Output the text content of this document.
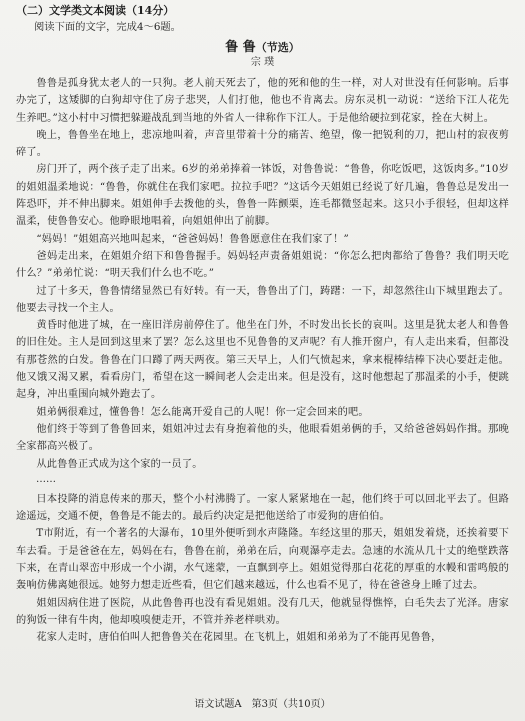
（二）文学类文本阅读（14分）

阅读下面的文字，完成4～6题。

鲁 鲁（节选）

宗 璞

鲁鲁是孤身犹太老人的一只狗。老人前天死去了，他的死和他的生一样，对人对世没有任何影响。后事办完了，这矮脚的白狗却守住了房子悲哭，人们打他，他也不肯离去。房东灵机一动说：“送给下江人花先生养吧。”这小村中习惯把躲避战乱到当地的外省人一律称作下江人。于是他给硬拉到花家，拴在大树上。

晚上，鲁鲁坐在地上，悲凉地叫着，声音里带着十分的痛苦、绝望，像一把锐利的刀，把山村的寂夜剪碎了。

房门开了，两个孩子走了出来。6岁的弟弟捧着一钵饭，对鲁鲁说：“鲁鲁，你吃饭吧，这饭肉多。”10岁的姐姐温柔地说：“鲁鲁，你就住在我们家吧。拉拉手吧？”这话今天姐姐已经说了好几遍，鲁鲁总是发出一阵恐吓，并不伸出脚来。姐姐伸手去拨他的头，鲁鲁一阵颤栗，连毛都微竖起来。这只小手很轻，但却这样温柔，使鲁鲁安心。他睁眼地唱着，向姐姐伸出了前脚。

“妈妈！”姐姐高兴地叫起来，“爸爸妈妈！鲁鲁愿意住在我们家了！”

爸妈走出来，在姐姐介绍下和鲁鲁握手。妈妈轻声责备姐姐说：“你怎么把肉都给了鲁鲁？我们明天吃什么？”弟弟忙说：“明天我们什么也不吃。”

过了十多天，鲁鲁情绪显然已有好转。有一天，鲁鲁出了门，踌躇：一下，却忽然往山下城里跑去了。他要去寻找一个主人。

黄昏时他进了城，在一座旧洋房前停住了。他坐在门外，不时发出长长的哀叫。这里是犹太老人和鲁鲁的旧住处。主人是回到这里来了罢？怎么这里也不见鲁鲁的叉声呢？有人推开窗户，有人走出来看，但都没有那苍然的白发。鲁鲁在门口蹲了两天两夜。第三天早上，人们气愤起来，拿来棍棒结棒下决心要赶走他。他又饿又渴又累，看看房门，希望在这一瞬间老人会走出来。但是没有，这时他想起了那温柔的小手，便跳起身，冲出重围向城外跑去了。

姐弟俩很难过，懂鲁鲁！怎么能离开爱自己的人呢！你一定会回来的吧。

他们终于等到了鲁鲁回来，姐姐冲过去有身抱着他的头，他眼看姐弟俩的手，又给爸爸妈妈作揖。那晚全家都高兴极了。

从此鲁鲁正式成为这个家的一员了。

……

日本投降的消息传来的那天，整个小村沸腾了。一家人紧紧地在一起，他们终于可以回北平去了。但路途遥远，交通不便，鲁鲁是不能去的。最后约决定是把他送给了市爱狗的唐伯伯。

T市附近，有一个著名的大瀑布，10里外便听到水声隆隆。车经这里的那天，姐姐发着烧，还挨着要下车去看。于是爸爸在左，妈妈在右，鲁鲁在前，弟弟在后，向观瀑亭走去。急速的水流从几十丈的绝壁跌落下来，在青山翠峦中形成一个小湖，水气迷蒙，一直飘到亭上。姐姐觉得那白花花的厚重的水幔和雷鸣般的轰响仿佛离她很远。她努力想走近些看，但它们越来越远，什么也看不见了，待在爸爸身上睡了过去。

姐姐因病住进了医院，从此鲁鲁再也没有看见姐姐。没有几天，他就显得憔悴，白毛失去了光泽。唐家的狗饭一律有牛肉，他却嗅嗅便走开，不管并养老样哄劝。

花家人走时，唐伯伯叫人把鲁鲁关在花园里。在飞机上，姐姐和弟弟为了不能再见鲁鲁，

语文试题A　第3页（共10页）
